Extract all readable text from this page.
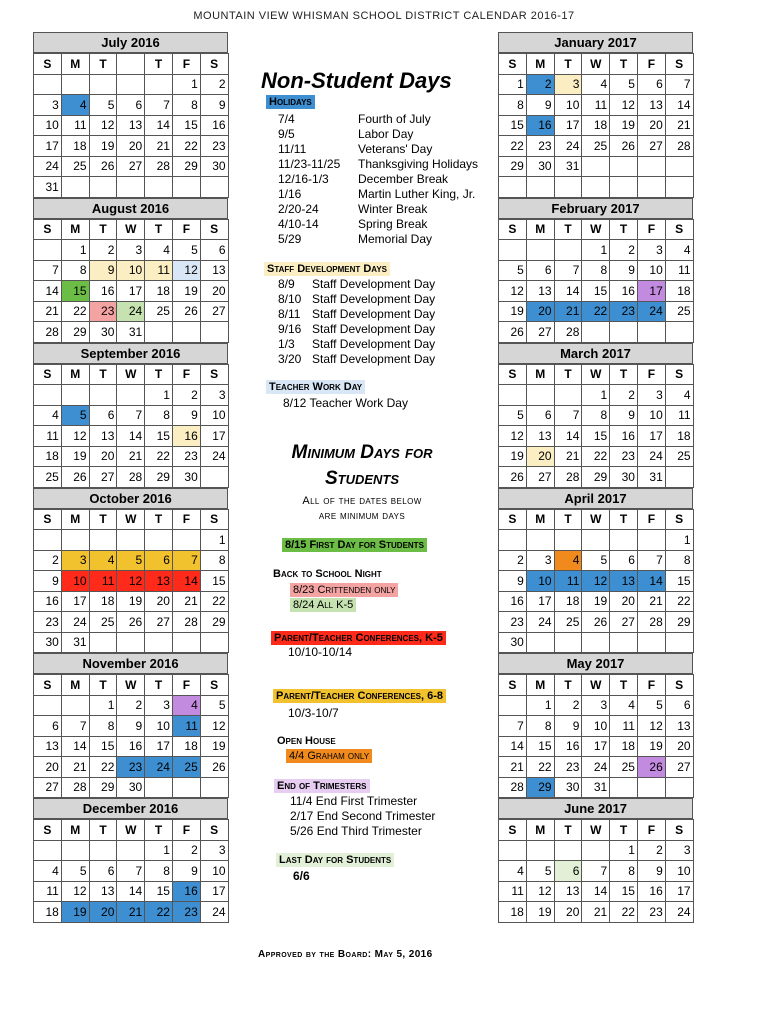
MOUNTAIN VIEW WHISMAN SCHOOL DISTRICT CALENDAR 2016-17
July 2016
S	M	T		T	F	S
					1	2
3	4	5	6	7	8	9
10	11	12	13	14	15	16
17	18	19	20	21	22	23
24	25	26	27	28	29	30
31						
August 2016
S	M	T	W	T	F	S
	1	2	3	4	5	6
7	8	9	10	11	12	13
14	15	16	17	18	19	20
21	22	23	24	25	26	27
28	29	30	31			
September 2016
S	M	T	W	T	F	S
				1	2	3
4	5	6	7	8	9	10
11	12	13	14	15	16	17
18	19	20	21	22	23	24
25	26	27	28	29	30	
October 2016
S	M	T	W	T	F	S
						1
2	3	4	5	6	7	8
9	10	11	12	13	14	15
16	17	18	19	20	21	22
23	24	25	26	27	28	29
30	31					
November 2016
S	M	T	W	T	F	S
		1	2	3	4	5
6	7	8	9	10	11	12
13	14	15	16	17	18	19
20	21	22	23	24	25	26
27	28	29	30			
December 2016
S	M	T	W	T	F	S
				1	2	3
4	5	6	7	8	9	10
11	12	13	14	15	16	17
18	19	20	21	22	23	24
January 2017
S	M	T	W	T	F	S
1	2	3	4	5	6	7
8	9	10	11	12	13	14
15	16	17	18	19	20	21
22	23	24	25	26	27	28
29	30	31				

February 2017
S	M	T	W	T	F	S
			1	2	3	4
5	6	7	8	9	10	11
12	13	14	15	16	17	18
19	20	21	22	23	24	25
26	27	28				
March 2017
S	M	T	W	T	F	S
			1	2	3	4
5	6	7	8	9	10	11
12	13	14	15	16	17	18
19	20	21	22	23	24	25
26	27	28	29	30	31	
April 2017
S	M	T	W	T	F	S
						1
2	3	4	5	6	7	8
9	10	11	12	13	14	15
16	17	18	19	20	21	22
23	24	25	26	27	28	29
30						
May 2017
S	M	T	W	T	F	S
	1	2	3	4	5	6
7	8	9	10	11	12	13
14	15	16	17	18	19	20
21	22	23	24	25	26	27
28	29	30	31			
June 2017
S	M	T	W	T	F	S
				1	2	3
4	5	6	7	8	9	10
11	12	13	14	15	16	17
18	19	20	21	22	23	24
Non-Student Days
Holidays
7/4	Fourth of July
9/5	Labor Day
11/11	Veterans' Day
11/23-11/25 Thanksgiving Holidays
12/16-1/3 December Break
1/16	Martin Luther King, Jr.
2/20-24	Winter Break
4/10-14	Spring Break
5/29	Memorial Day
Staff Development Days
8/9 Staff Development Day
8/10 Staff Development Day
8/11 Staff Development Day
9/16 Staff Development Day
1/3 Staff Development Day
3/20 Staff Development Day
Teacher Work Day
8/12 Teacher Work Day
Minimum Days for
Students
All of the dates below
are minimum days
8/15 First Day for Students
Back to School Night
8/23 Crittenden only
8/24 All K-5
Parent/Teacher Conferences, K-5
10/10-10/14
Parent/Teacher Conferences, 6-8
10/3-10/7
Open House
4/4 Graham only
End of Trimesters
11/4 End First Trimester
2/17 End Second Trimester
5/26 End Third Trimester
Last Day for Students
6/6
Approved by the Board: May 5, 2016
